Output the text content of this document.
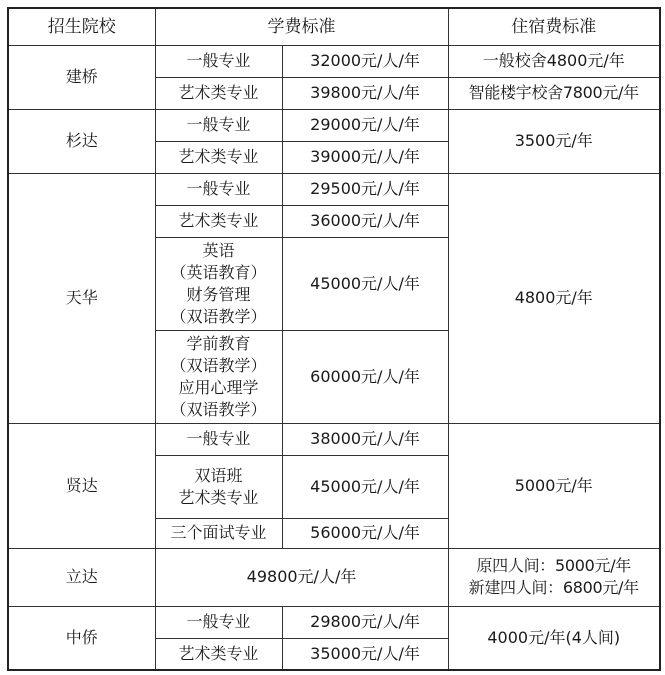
招生院校	学费标准		住宿费标准
建桥	一般专业	32000元/人/年	一般校舍4800元/年
	艺术类专业	39800元/人/年	智能楼宇校舍7800元/年
杉达	一般专业	29000元/人/年	3500元/年
	艺术类专业	39000元/人/年	
天华	一般专业	29500元/人/年	4800元/年
	艺术类专业	36000元/人/年	
	英语
（英语教育）
财务管理
（双语教学）	45000元/人/年	
	学前教育
（双语教学）
应用心理学
（双语教学）	60000元/人/年	
贤达	一般专业	38000元/人/年	5000元/年
	双语班
艺术类专业	45000元/人/年	
	三个面试专业	56000元/人/年	
立达	49800元/人/年		原四人间：5000元/年
新建四人间：6800元/年
中侨	一般专业	29800元/人/年	4000元/年(4人间)
	艺术类专业	35000元/人/年	
